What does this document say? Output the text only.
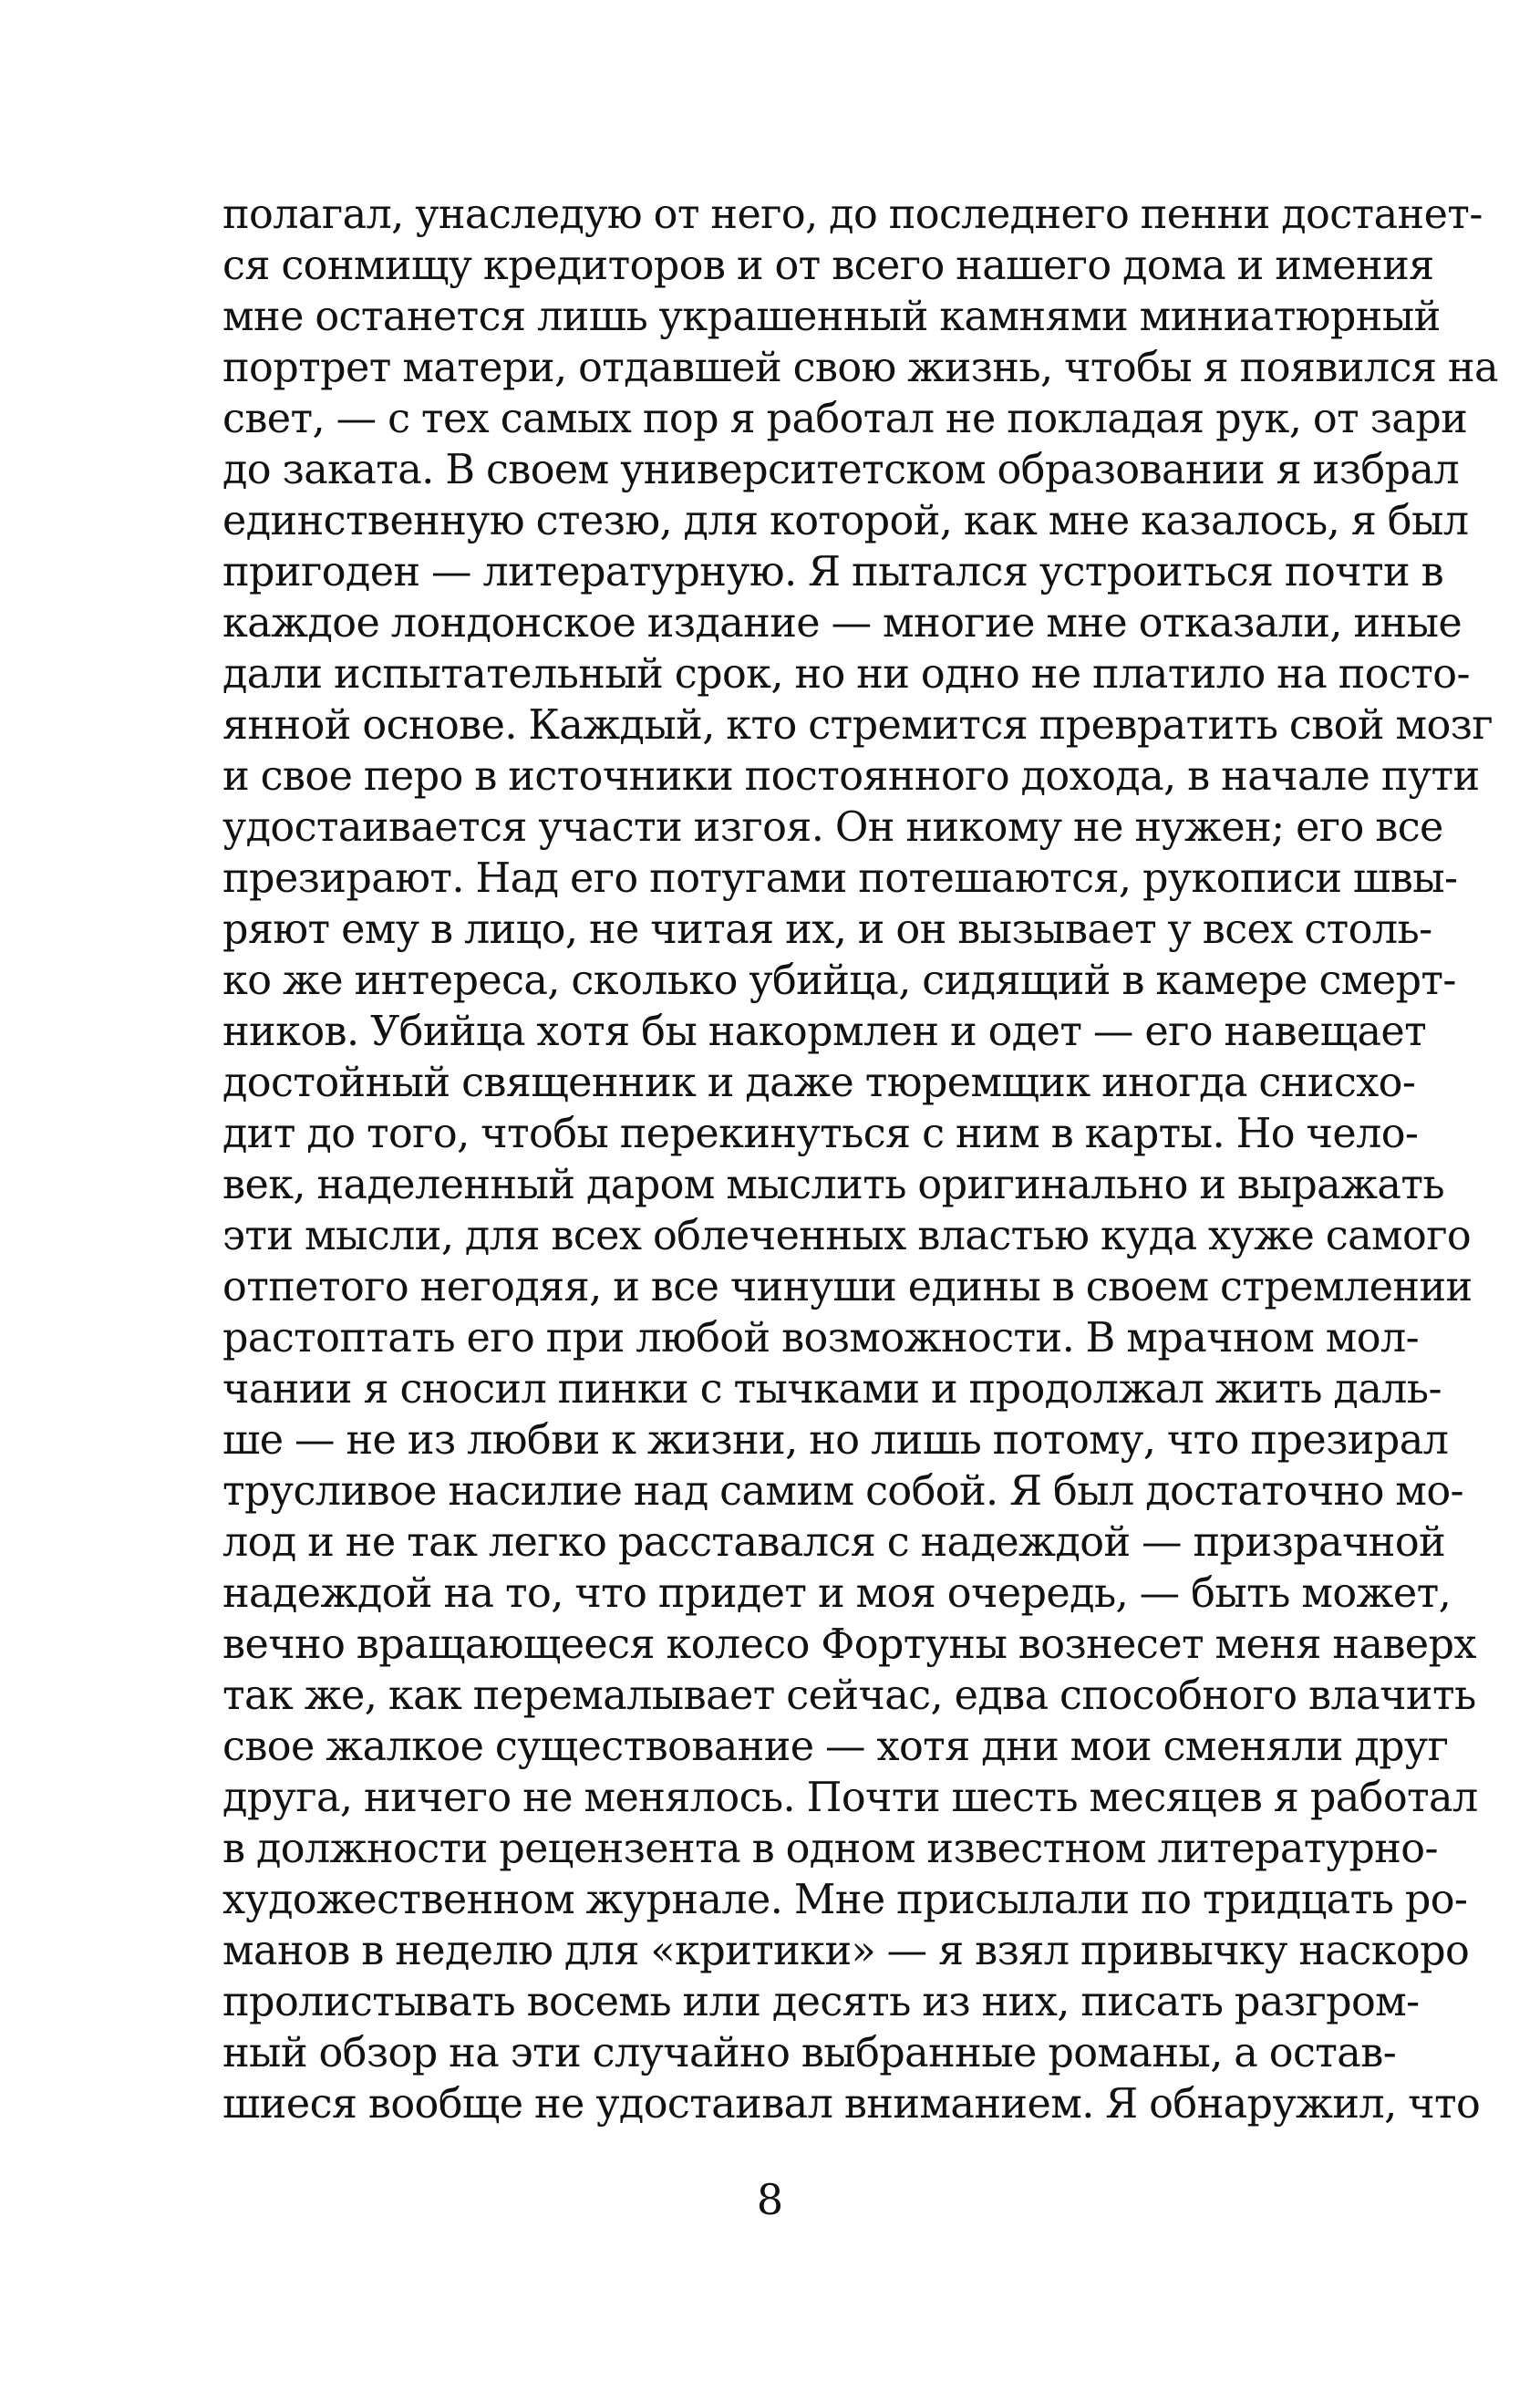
полагал, унаследую от него, до последнего пенни достанет-
ся сонмищу кредиторов и от всего нашего дома и имения
мне останется лишь украшенный камнями миниатюрный
портрет матери, отдавшей свою жизнь, чтобы я появился на
свет, — с тех самых пор я работал не покладая рук, от зари
до заката. В своем университетском образовании я избрал
единственную стезю, для которой, как мне казалось, я был
пригоден — литературную. Я пытался устроиться почти в
каждое лондонское издание — многие мне отказали, иные
дали испытательный срок, но ни одно не платило на посто-
янной основе. Каждый, кто стремится превратить свой мозг
и свое перо в источники постоянного дохода, в начале пути
удостаивается участи изгоя. Он никому не нужен; его все
презирают. Над его потугами потешаются, рукописи швы-
ряют ему в лицо, не читая их, и он вызывает у всех столь-
ко же интереса, сколько убийца, сидящий в камере смерт-
ников. Убийца хотя бы накормлен и одет — его навещает
достойный священник и даже тюремщик иногда снисхо-
дит до того, чтобы перекинуться с ним в карты. Но чело-
век, наделенный даром мыслить оригинально и выражать
эти мысли, для всех облеченных властью куда хуже самого
отпетого негодяя, и все чинуши едины в своем стремлении
растоптать его при любой возможности. В мрачном мол-
чании я сносил пинки с тычками и продолжал жить даль-
ше — не из любви к жизни, но лишь потому, что презирал
трусливое насилие над самим собой. Я был достаточно мо-
лод и не так легко расставался с надеждой — призрачной
надеждой на то, что придет и моя очередь, — быть может,
вечно вращающееся колесо Фортуны вознесет меня наверх
так же, как перемалывает сейчас, едва способного влачить
свое жалкое существование — хотя дни мои сменяли друг
друга, ничего не менялось. Почти шесть месяцев я работал
в должности рецензента в одном известном литературно-
художественном журнале. Мне присылали по тридцать ро-
манов в неделю для «критики» — я взял привычку наскоро
пролистывать восемь или десять из них, писать разгром-
ный обзор на эти случайно выбранные романы, а остав-
шиеся вообще не удостаивал вниманием. Я обнаружил, что
8
